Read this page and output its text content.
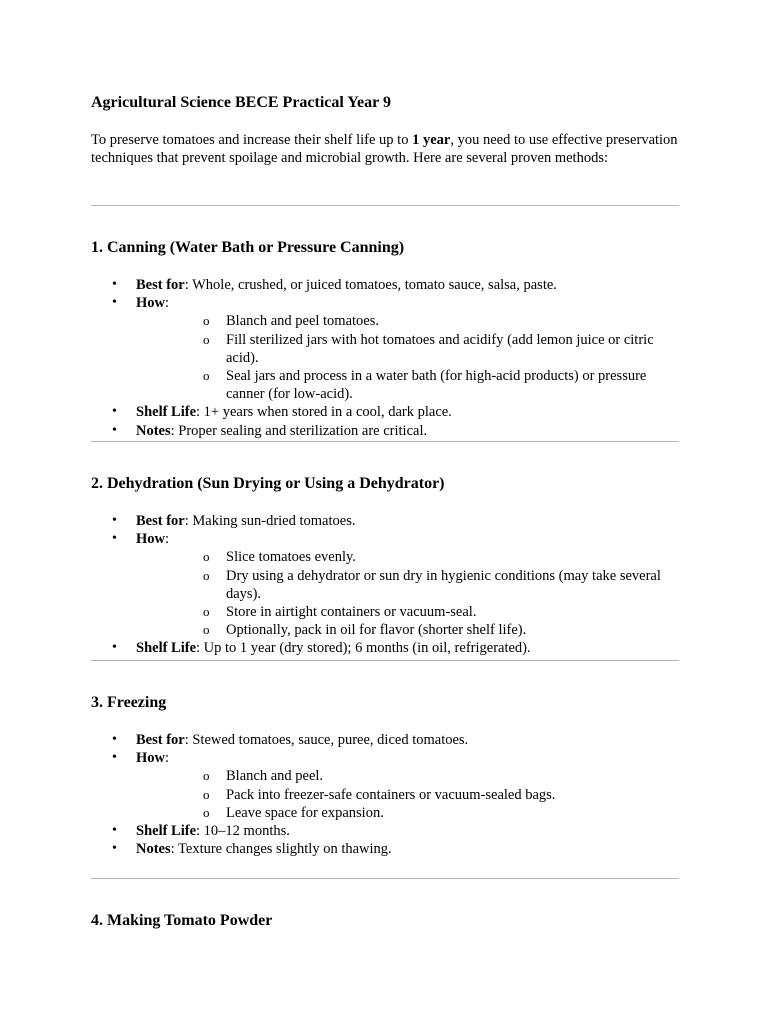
Agricultural Science BECE Practical Year 9

To preserve tomatoes and increase their shelf life up to 1 year, you need to use effective preservation techniques that prevent spoilage and microbial growth. Here are several proven methods:

1. Canning (Water Bath or Pressure Canning)
• Best for: Whole, crushed, or juiced tomatoes, tomato sauce, salsa, paste.
• How:
o Blanch and peel tomatoes.
o Fill sterilized jars with hot tomatoes and acidify (add lemon juice or citric acid).
o Seal jars and process in a water bath (for high-acid products) or pressure canner (for low-acid).
• Shelf Life: 1+ years when stored in a cool, dark place.
• Notes: Proper sealing and sterilization are critical.
2. Dehydration (Sun Drying or Using a Dehydrator)
• Best for: Making sun-dried tomatoes.
• How:
o Slice tomatoes evenly.
o Dry using a dehydrator or sun dry in hygienic conditions (may take several days).
o Store in airtight containers or vacuum-seal.
o Optionally, pack in oil for flavor (shorter shelf life).
• Shelf Life: Up to 1 year (dry stored); 6 months (in oil, refrigerated).
3. Freezing
• Best for: Stewed tomatoes, sauce, puree, diced tomatoes.
• How:
o Blanch and peel.
o Pack into freezer-safe containers or vacuum-sealed bags.
o Leave space for expansion.
• Shelf Life: 10–12 months.
• Notes: Texture changes slightly on thawing.
4. Making Tomato Powder
